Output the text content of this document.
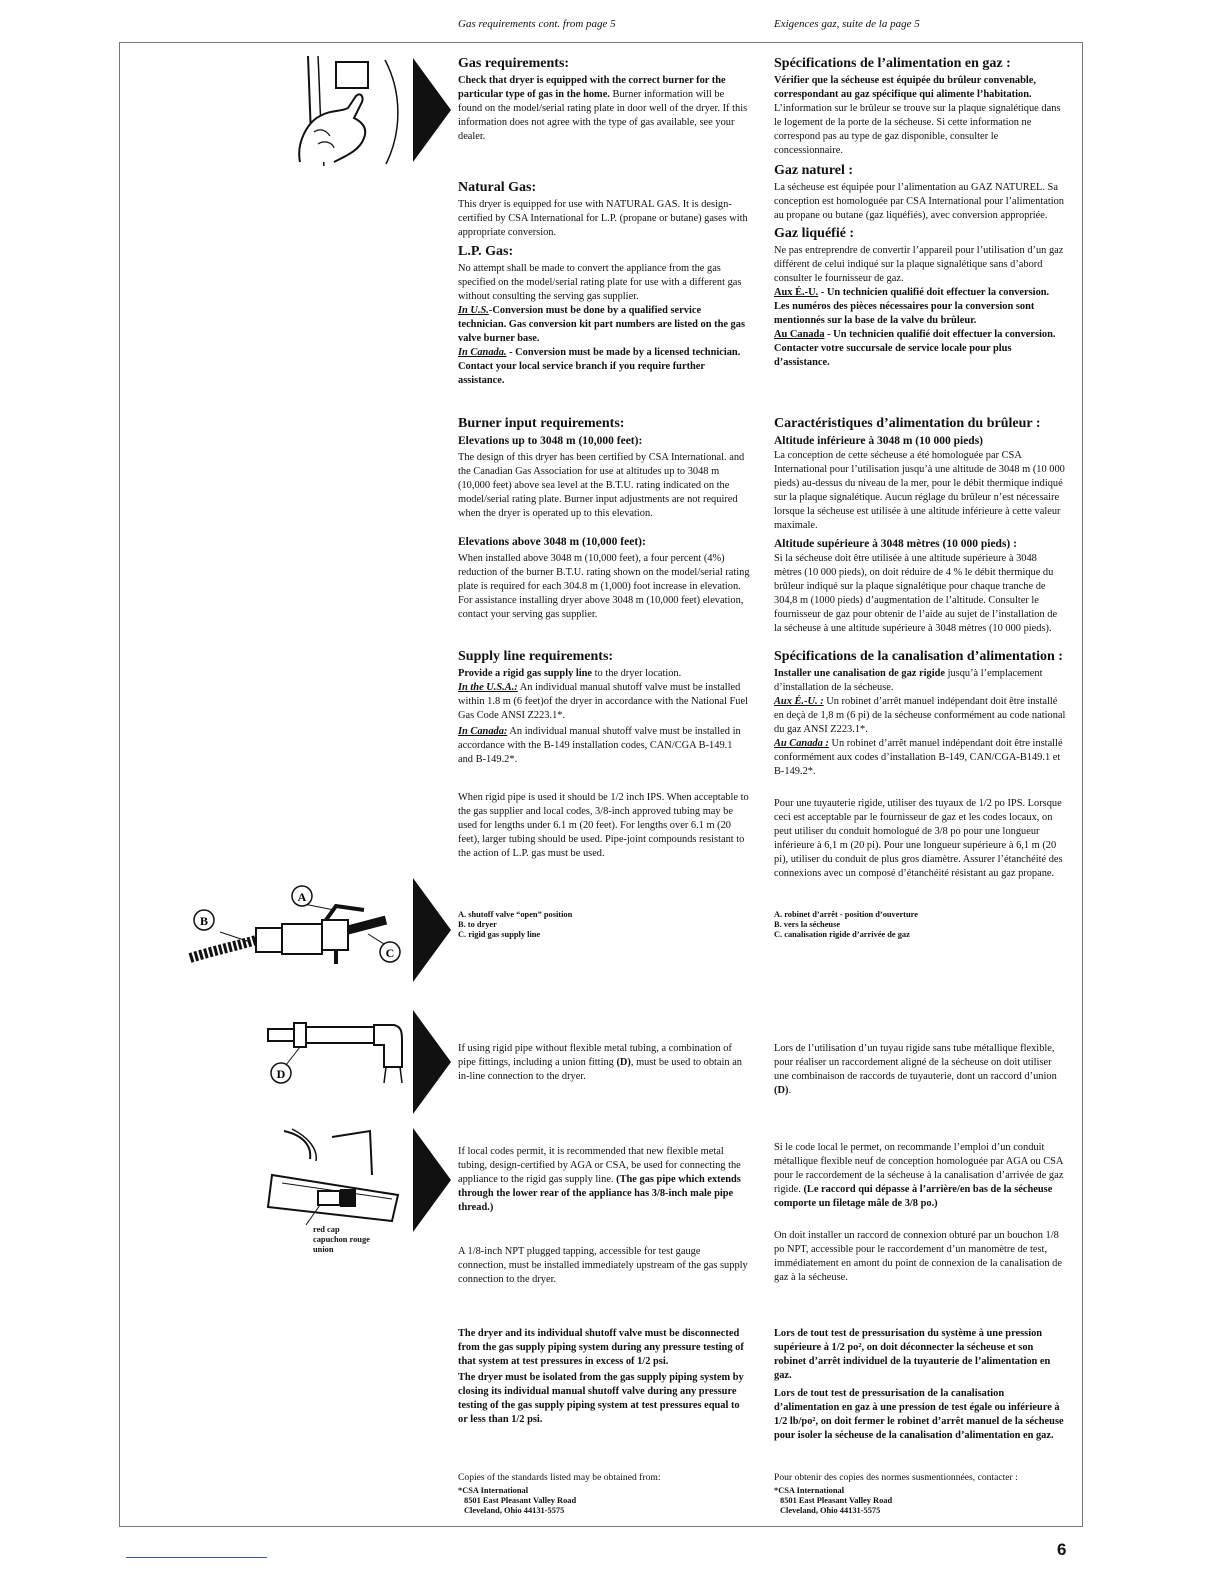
Gas requirements cont. from page 5	Exigences gaz, suite de la page 5
A
B
C
D
red cap
capuchon rouge
union
Gas requirements:

Check that dryer is equipped with the correct burner for the particular type of gas in the home. Burner information will be found on the model/serial rating plate in door well of the dryer. If this information does not agree with the type of gas available, see your dealer.

Natural Gas:

This dryer is equipped for use with NATURAL GAS. It is design-certified by CSA International for L.P. (propane or butane) gases with appropriate conversion.

L.P. Gas:

No attempt shall be made to convert the appliance from the gas specified on the model/serial rating plate for use with a different gas without consulting the serving gas supplier.

In U.S.-Conversion must be done by a qualified service technician. Gas conversion kit part numbers are listed on the gas valve burner base.

In Canada. - Conversion must be made by a licensed technician. Contact your local service branch if you require further assistance.

Burner input requirements:
Elevations up to 3048 m (10,000 feet):

The design of this dryer has been certified by CSA International. and the Canadian Gas Association for use at altitudes up to 3048 m (10,000 feet) above sea level at the B.T.U. rating indicated on the model/serial rating plate. Burner input adjustments are not required when the dryer is operated up to this elevation.

Elevations above 3048 m (10,000 feet):

When installed above 3048 m (10,000 feet), a four percent (4%) reduction of the burner B.T.U. rating shown on the model/serial rating plate is required for each 304.8 m (1,000) foot increase in elevation. For assistance installing dryer above 3048 m (10,000 feet) elevation, contact your serving gas supplier.

Supply line requirements:

Provide a rigid gas supply line to the dryer location.

In the U.S.A.: An individual manual shutoff valve must be installed within 1.8 m (6 feet)of the dryer in accordance with the National Fuel Gas Code ANSI Z223.1*.

In Canada: An individual manual shutoff valve must be installed in accordance with the B-149 installation codes, CAN/CGA B-149.1 and B-149.2*.

When rigid pipe is used it should be 1/2 inch IPS. When acceptable to the gas supplier and local codes, 3/8-inch approved tubing may be used for lengths under 6.1 m (20 feet). For lengths over 6.1 m (20 feet), larger tubing should be used. Pipe-joint compounds resistant to the action of L.P. gas must be used.

A. shutoff valve “open” position
B. to dryer
C. rigid gas supply line

If using rigid pipe without flexible metal tubing, a combination of pipe fittings, including a union fitting (D), must be used to obtain an in-line connection to the dryer.

If local codes permit, it is recommended that new flexible metal tubing, design-certified by AGA or CSA, be used for connecting the appliance to the rigid gas supply line. (The gas pipe which extends through the lower rear of the appliance has 3/8-inch male pipe thread.)

A 1/8-inch NPT plugged tapping, accessible for test gauge connection, must be installed immediately upstream of the gas supply connection to the dryer.

The dryer and its individual shutoff valve must be disconnected from the gas supply piping system during any pressure testing of that system at test pressures in excess of 1/2 psi.

The dryer must be isolated from the gas supply piping system by closing its individual manual shutoff valve during any pressure testing of the gas supply piping system at test pressures equal to or less than 1/2 psi.

Copies of the standards listed may be obtained from:
*CSA International
8501 East Pleasant Valley Road
Cleveland, Ohio 44131-5575
Spécifications de l’alimentation en gaz :

Vérifier que la sécheuse est équipée du brûleur convenable, correspondant au gaz spécifique qui alimente l’habitation. L’information sur le brûleur se trouve sur la plaque signalétique dans le logement de la porte de la sécheuse. Si cette information ne correspond pas au type de gaz disponible, consulter le concessionnaire.

Gaz naturel :

La sécheuse est équipée pour l’alimentation au GAZ NATUREL. Sa conception est homologuée par CSA International pour l’alimentation au propane ou butane (gaz liquéfiés), avec conversion appropriée.

Gaz liquéfié :

Ne pas entreprendre de convertir l’appareil pour l’utilisation d’un gaz différent de celui indiqué sur la plaque signalétique sans d’abord consulter le fournisseur de gaz.

Aux É.-U. - Un technicien qualifié doit effectuer la conversion. Les numéros des pièces nécessaires pour la conversion sont mentionnés sur la base de la valve du brûleur.

Au Canada - Un technicien qualifié doit effectuer la conversion. Contacter votre succursale de service locale pour plus d’assistance.

Caractéristiques d’alimentation du brûleur :
Altitude inférieure à 3048 m (10 000 pieds)

La conception de cette sécheuse a été homologuée par CSA International pour l’utilisation jusqu’à une altitude de 3048 m (10 000 pieds) au-dessus du niveau de la mer, pour le débit thermique indiqué sur la plaque signalétique. Aucun réglage du brûleur n’est nécessaire lorsque la sécheuse est utilisée à une altitude inférieure à cette valeur maximale.

Altitude supérieure à 3048 mètres (10 000 pieds) :

Si la sécheuse doit être utilisée à une altitude supérieure à 3048 mètres (10 000 pieds), on doit réduire de 4 % le débit thermique du brûleur indiqué sur la plaque signalétique pour chaque tranche de 304,8 m (1000 pieds) d’augmentation de l’altitude. Consulter le fournisseur de gaz pour obtenir de l’aide au sujet de l’installation de la sécheuse à une altitude supérieure à 3048 mètres (10 000 pieds).

Spécifications de la canalisation d’alimentation :

Installer une canalisation de gaz rigide jusqu’à l’emplacement d’installation de la sécheuse.

Aux É.-U. : Un robinet d’arrêt manuel indépendant doit être installé en deçà de 1,8 m (6 pi) de la sécheuse conformément au code national du gaz ANSI Z223.1*.

Au Canada : Un robinet d’arrêt manuel indépendant doit être installé conformément aux codes d’installation B-149, CAN/CGA-B149.1 et B-149.2*.

Pour une tuyauterie rigide, utiliser des tuyaux de 1/2 po IPS. Lorsque ceci est acceptable par le fournisseur de gaz et les codes locaux, on peut utiliser du conduit homologué de 3/8 po pour une longueur inférieure à 6,1 m (20 pi). Pour une longueur supérieure à 6,1 m (20 pi), utiliser du conduit de plus gros diamètre. Assurer l’étanchéité des connexions avec un composé d’étanchéité résistant au gaz propane.

A. robinet d’arrêt - position d’ouverture
B. vers la sécheuse
C. canalisation rigide d’arrivée de gaz

Lors de l’utilisation d’un tuyau rigide sans tube métallique flexible, pour réaliser un raccordement aligné de la sécheuse on doit utiliser une combinaison de raccords de tuyauterie, dont un raccord d’union (D).

Si le code local le permet, on recommande l’emploi d’un conduit métallique flexible neuf de conception homologuée par AGA ou CSA pour le raccordement de la sécheuse à la canalisation d’arrivée de gaz rigide. (Le raccord qui dépasse à l’arrière/en bas de la sécheuse comporte un filetage mâle de 3/8 po.)

On doit installer un raccord de connexion obturé par un bouchon 1/8 po NPT, accessible pour le raccordement d’un manomètre de test, immédiatement en amont du point de connexion de la canalisation de gaz à la sécheuse.

Lors de tout test de pressurisation du système à une pression supérieure à 1/2 po², on doit déconnecter la sécheuse et son robinet d’arrêt individuel de la tuyauterie de l’alimentation en gaz.

Lors de tout test de pressurisation de la canalisation d’alimentation en gaz à une pression de test égale ou inférieure à 1/2 lb/po², on doit fermer le robinet d’arrêt manuel de la sécheuse pour isoler la sécheuse de la canalisation d’alimentation en gaz.

Pour obtenir des copies des normes susmentionnées, contacter :
*CSA International
8501 East Pleasant Valley Road
Cleveland, Ohio 44131-5575
6
